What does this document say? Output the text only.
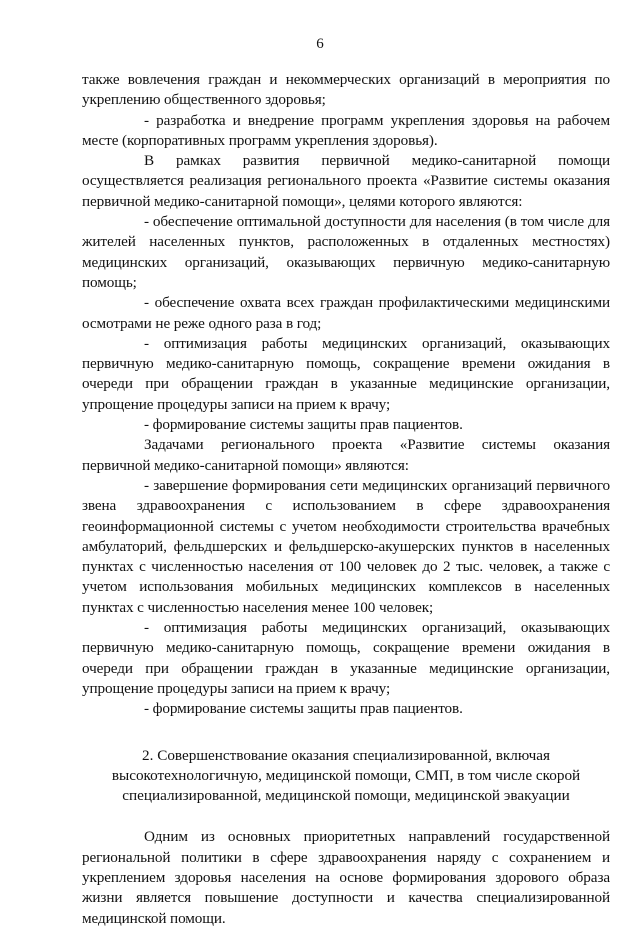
6

также вовлечения граждан и некоммерческих организаций в мероприятия по укреплению общественного здоровья;

- разработка и внедрение программ укрепления здоровья на рабочем месте (корпоративных программ укрепления здоровья).

В рамках развития первичной медико-санитарной помощи осуществляется реализация регионального проекта «Развитие системы оказания первичной медико-санитарной помощи», целями которого являются:

- обеспечение оптимальной доступности для населения (в том числе для жителей населенных пунктов, расположенных в отдаленных местностях) медицинских организаций, оказывающих первичную медико-санитарную помощь;

- обеспечение охвата всех граждан профилактическими медицинскими осмотрами не реже одного раза в год;

- оптимизация работы медицинских организаций, оказывающих первичную медико-санитарную помощь, сокращение времени ожидания в очереди при обращении граждан в указанные медицинские организации, упрощение процедуры записи на прием к врачу;

- формирование системы защиты прав пациентов.

Задачами регионального проекта «Развитие системы оказания первичной медико-санитарной помощи» являются:

- завершение формирования сети медицинских организаций первичного звена здравоохранения с использованием в сфере здравоохранения геоинформационной системы с учетом необходимости строительства врачебных амбулаторий, фельдшерских и фельдшерско-акушерских пунктов в населенных пунктах с численностью населения от 100 человек до 2 тыс. человек, а также с учетом использования мобильных медицинских комплексов в населенных пунктах с численностью населения менее 100 человек;

- оптимизация работы медицинских организаций, оказывающих первичную медико-санитарную помощь, сокращение времени ожидания в очереди при обращении граждан в указанные медицинские организации, упрощение процедуры записи на прием к врачу;

- формирование системы защиты прав пациентов.

2. Совершенствование оказания специализированной, включая

высокотехнологичную, медицинской помощи, СМП, в том числе скорой

специализированной, медицинской помощи, медицинской эвакуации

Одним из основных приоритетных направлений государственной региональной политики в сфере здравоохранения наряду с сохранением и укреплением здоровья населения на основе формирования здорового образа жизни является повышение доступности и качества специализированной медицинской помощи.
